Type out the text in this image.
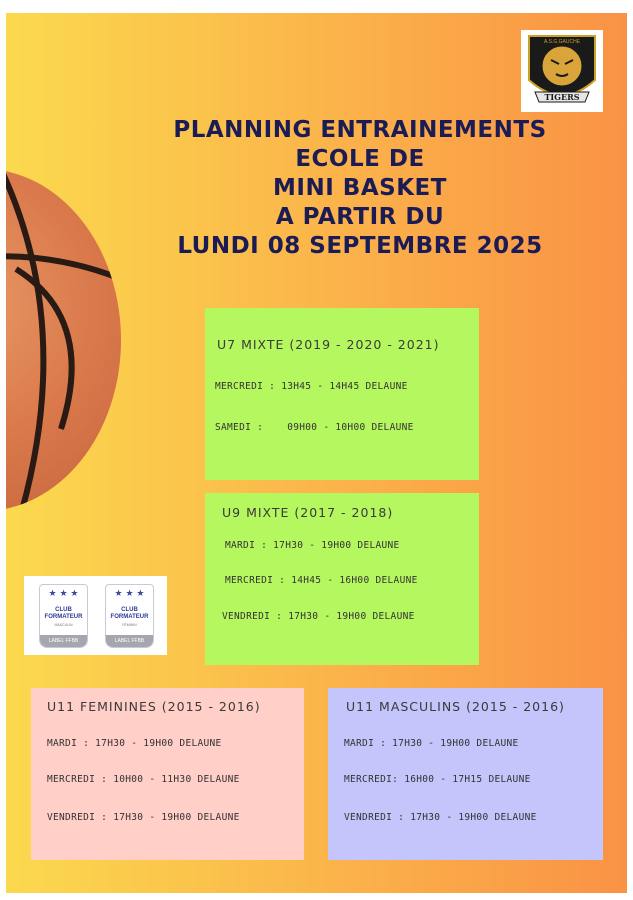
TIGERS
A.S.G.GAUCHE
PLANNING ENTRAINEMENTS
ECOLE DE
MINI BASKET
A PARTIR DU
LUNDI 08 SEPTEMBRE 2025
U7 MIXTE (2019 - 2020 - 2021)
MERCREDI : 13H45 - 14H45 DELAUNE
SAMEDI :    09H00 - 10H00 DELAUNE
U9 MIXTE (2017 - 2018)
MARDI : 17H30 - 19H00 DELAUNE
MERCREDI : 14H45 - 16H00 DELAUNE
VENDREDI : 17H30 - 19H00 DELAUNE
★ ★ ★
CLUB
FORMATEUR
MASCULIN
LABEL FFBB
★ ★ ★
CLUB
FORMATEUR
FÉMININ
LABEL FFBB
U11 FEMININES (2015 - 2016)
MARDI : 17H30 - 19H00 DELAUNE
MERCREDI : 10H00 - 11H30 DELAUNE
VENDREDI : 17H30 - 19H00 DELAUNE
U11 MASCULINS (2015 - 2016)
MARDI : 17H30 - 19H00 DELAUNE
MERCREDI: 16H00 - 17H15 DELAUNE
VENDREDI : 17H30 - 19H00 DELAUNE
